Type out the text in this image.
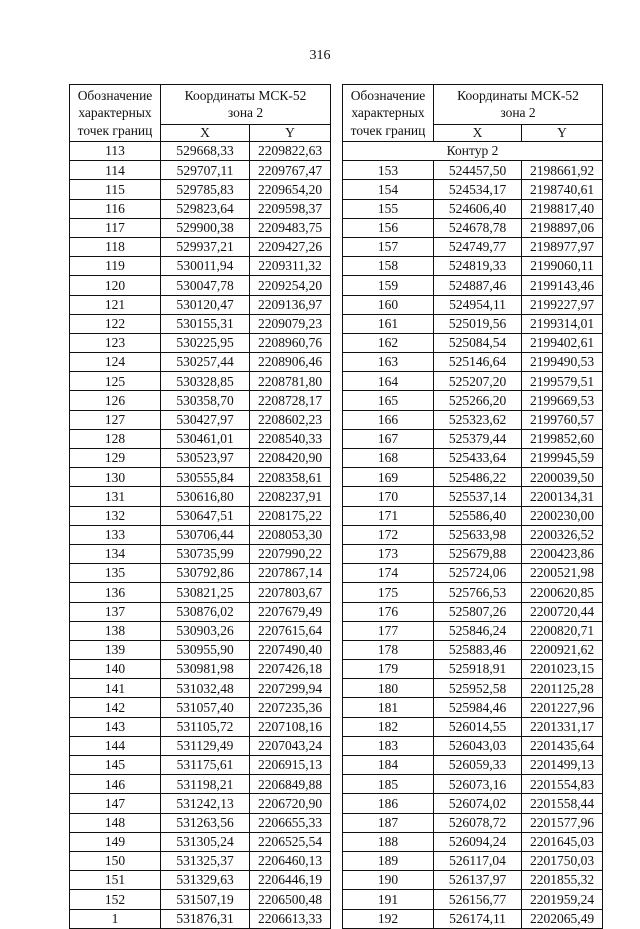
316
Обозначение
характерных
точек границ	Координаты МСК-52
зона 2	
	X	Y
113	529668,33	2209822,63
114	529707,11	2209767,47
115	529785,83	2209654,20
116	529823,64	2209598,37
117	529900,38	2209483,75
118	529937,21	2209427,26
119	530011,94	2209311,32
120	530047,78	2209254,20
121	530120,47	2209136,97
122	530155,31	2209079,23
123	530225,95	2208960,76
124	530257,44	2208906,46
125	530328,85	2208781,80
126	530358,70	2208728,17
127	530427,97	2208602,23
128	530461,01	2208540,33
129	530523,97	2208420,90
130	530555,84	2208358,61
131	530616,80	2208237,91
132	530647,51	2208175,22
133	530706,44	2208053,30
134	530735,99	2207990,22
135	530792,86	2207867,14
136	530821,25	2207803,67
137	530876,02	2207679,49
138	530903,26	2207615,64
139	530955,90	2207490,40
140	530981,98	2207426,18
141	531032,48	2207299,94
142	531057,40	2207235,36
143	531105,72	2207108,16
144	531129,49	2207043,24
145	531175,61	2206915,13
146	531198,21	2206849,88
147	531242,13	2206720,90
148	531263,56	2206655,33
149	531305,24	2206525,54
150	531325,37	2206460,13
151	531329,63	2206446,19
152	531507,19	2206500,48
1	531876,31	2206613,33
Обозначение
характерных
точек границ	Координаты МСК-52
зона 2	
	X	Y
Контур 2		
153	524457,50	2198661,92
154	524534,17	2198740,61
155	524606,40	2198817,40
156	524678,78	2198897,06
157	524749,77	2198977,97
158	524819,33	2199060,11
159	524887,46	2199143,46
160	524954,11	2199227,97
161	525019,56	2199314,01
162	525084,54	2199402,61
163	525146,64	2199490,53
164	525207,20	2199579,51
165	525266,20	2199669,53
166	525323,62	2199760,57
167	525379,44	2199852,60
168	525433,64	2199945,59
169	525486,22	2200039,50
170	525537,14	2200134,31
171	525586,40	2200230,00
172	525633,98	2200326,52
173	525679,88	2200423,86
174	525724,06	2200521,98
175	525766,53	2200620,85
176	525807,26	2200720,44
177	525846,24	2200820,71
178	525883,46	2200921,62
179	525918,91	2201023,15
180	525952,58	2201125,28
181	525984,46	2201227,96
182	526014,55	2201331,17
183	526043,03	2201435,64
184	526059,33	2201499,13
185	526073,16	2201554,83
186	526074,02	2201558,44
187	526078,72	2201577,96
188	526094,24	2201645,03
189	526117,04	2201750,03
190	526137,97	2201855,32
191	526156,77	2201959,24
192	526174,11	2202065,49
